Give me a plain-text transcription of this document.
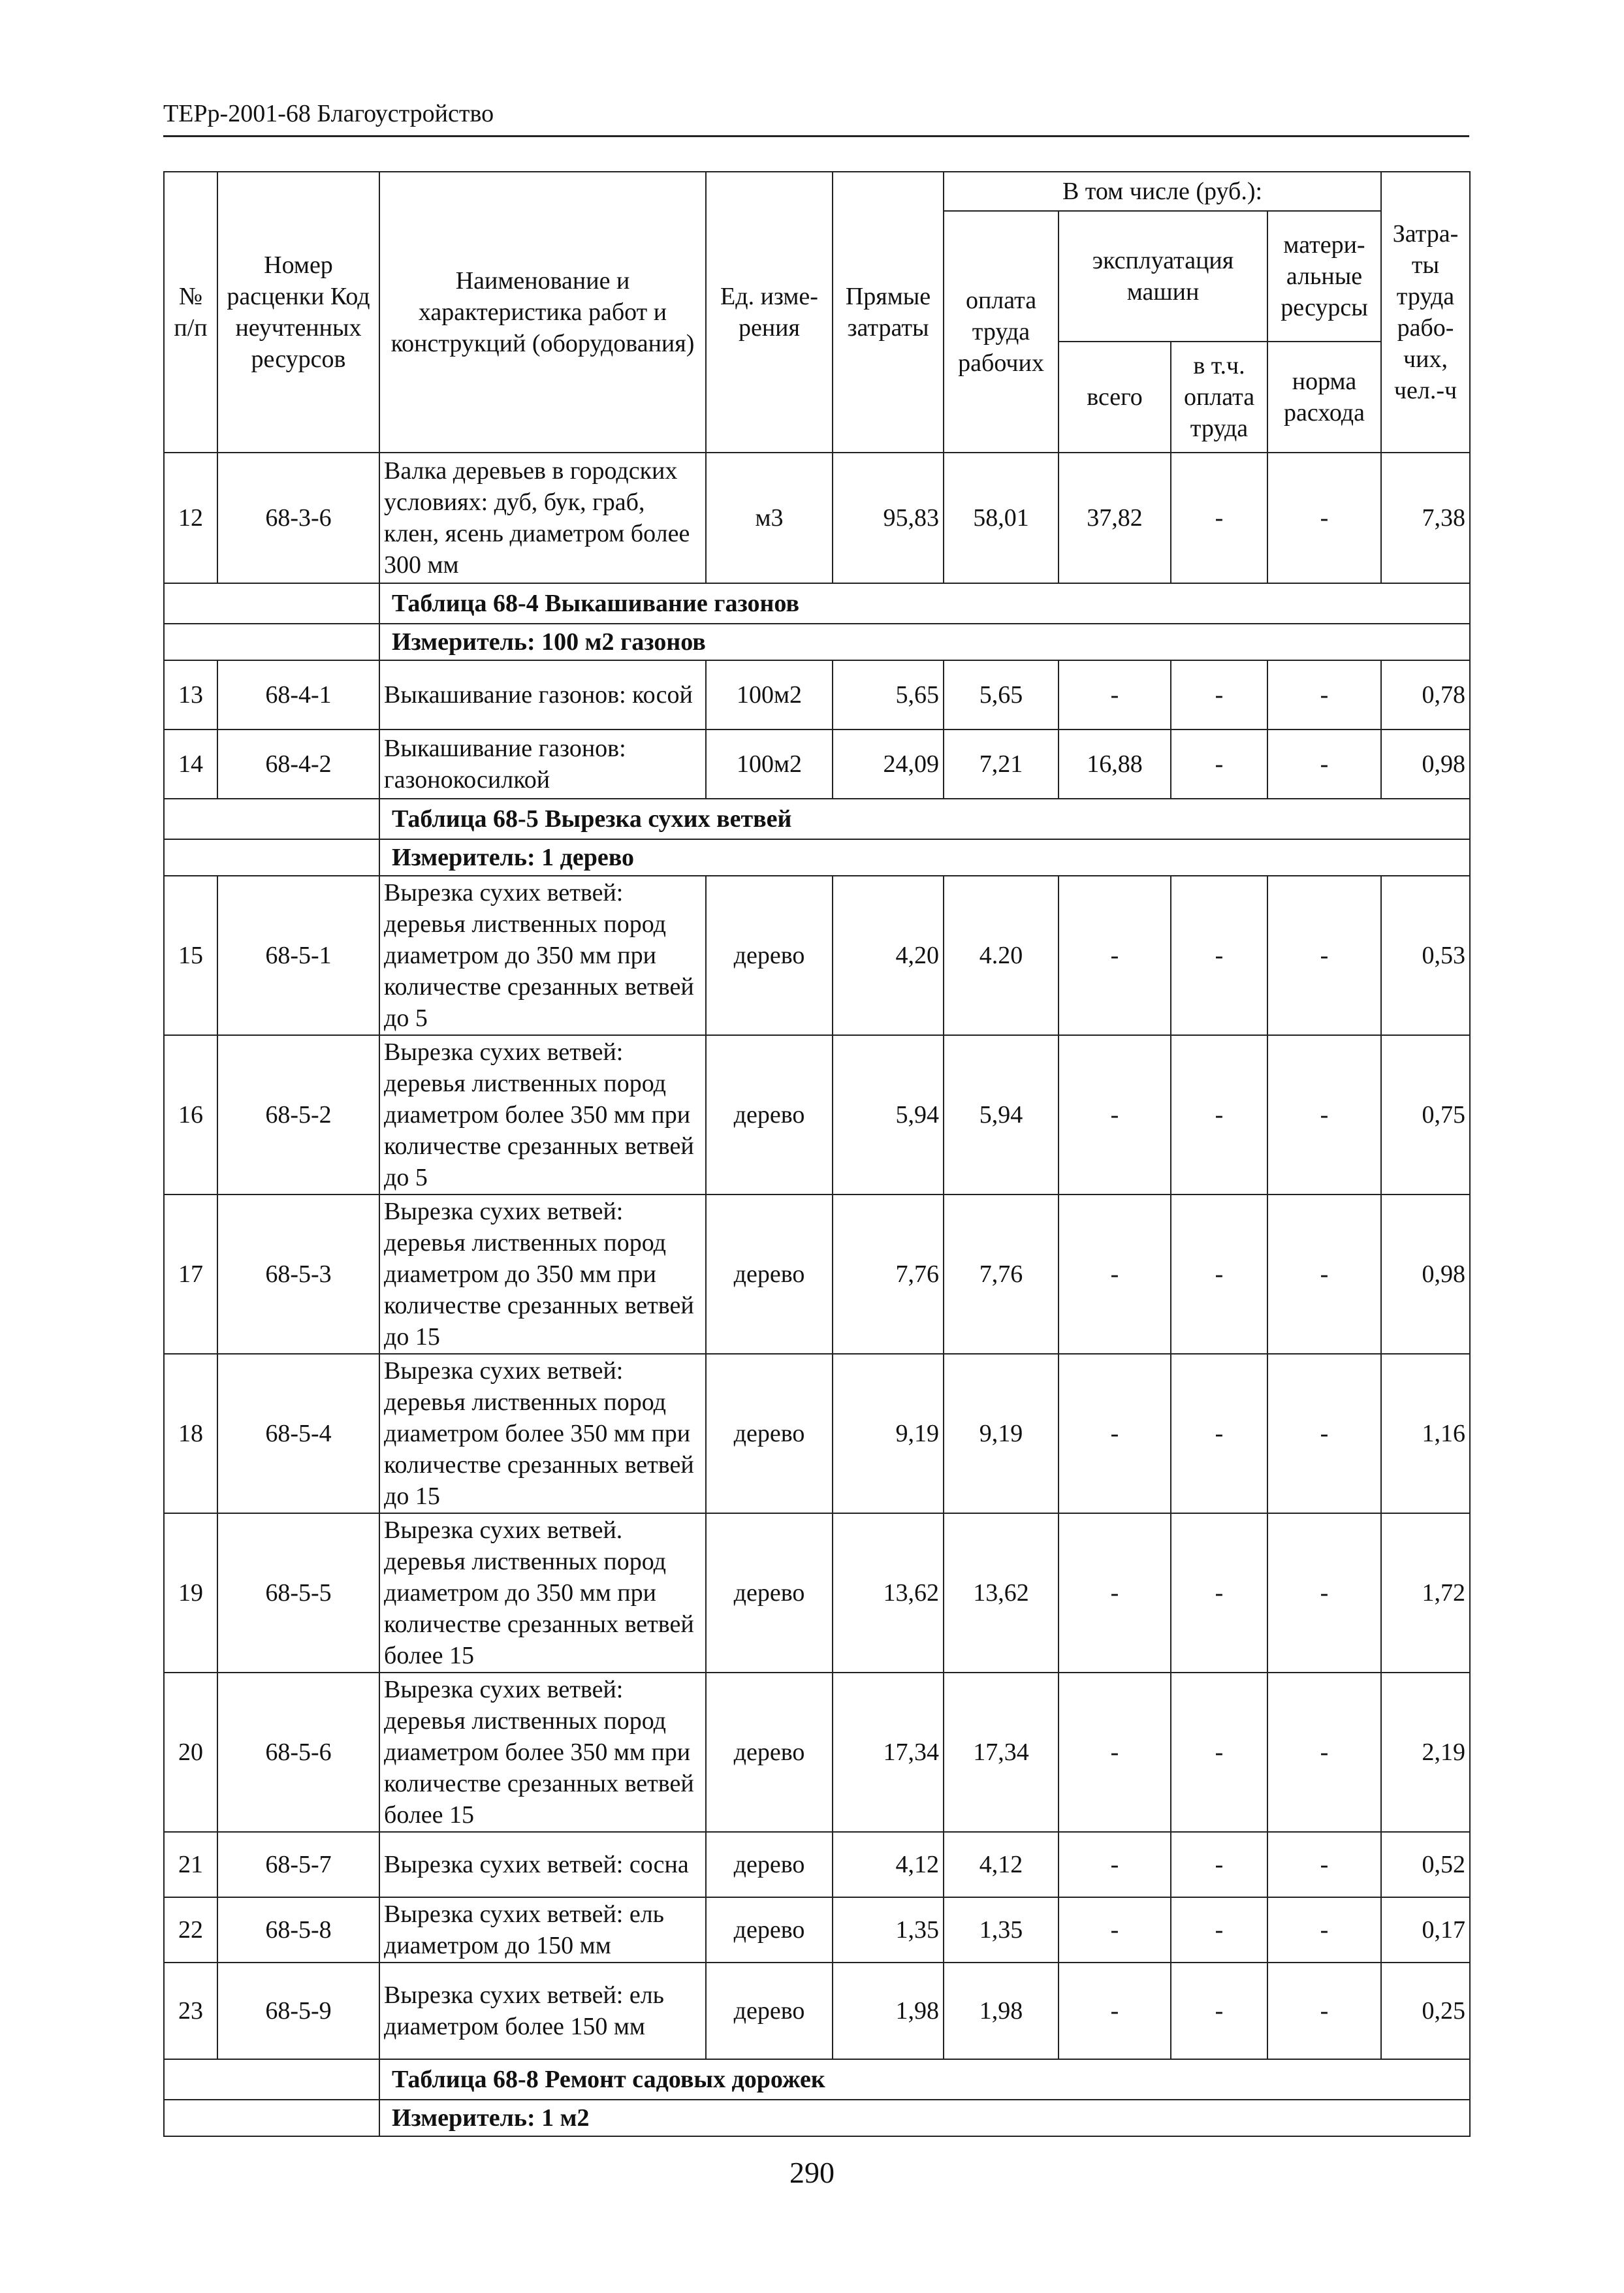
ТЕРр-2001-68 Благоустройство
№ п/п	Номер расценки Код неучтенных ресурсов	Наименование и характеристика работ и конструкций (оборудования)	Ед. изме-рения	Прямые затраты	В том числе (руб.):				Затра-ты труда рабо-чих, чел.-ч
					оплата труда рабочих	эксплуатация машин		матери-альные ресурсы	
						всего	в т.ч. оплата труда	норма расхода	
12	68-3-6	Валка деревьев в городских условиях: дуб, бук, граб, клен, ясень диаметром более 300 мм	м3	95,83	58,01	37,82	-	-	7,38
		Таблица 68-4 Выкашивание газонов							
		Измеритель: 100 м2 газонов							
13	68-4-1	Выкашивание газонов: косой	100м2	5,65	5,65	-	-	-	0,78
14	68-4-2	Выкашивание газонов: газонокосилкой	100м2	24,09	7,21	16,88	-	-	0,98
		Таблица 68-5 Вырезка сухих ветвей							
		Измеритель: 1 дерево							
15	68-5-1	Вырезка сухих ветвей: деревья лиственных пород диаметром до 350 мм при количестве срезанных ветвей до 5	дерево	4,20	4.20	-	-	-	0,53
16	68-5-2	Вырезка сухих ветвей: деревья лиственных пород диаметром более 350 мм при количестве срезанных ветвей до 5	дерево	5,94	5,94	-	-	-	0,75
17	68-5-3	Вырезка сухих ветвей: деревья лиственных пород диаметром до 350 мм при количестве срезанных ветвей до 15	дерево	7,76	7,76	-	-	-	0,98
18	68-5-4	Вырезка сухих ветвей: деревья лиственных пород диаметром более 350 мм при количестве срезанных ветвей до 15	дерево	9,19	9,19	-	-	-	1,16
19	68-5-5	Вырезка сухих ветвей. деревья лиственных пород диаметром до 350 мм при количестве срезанных ветвей более 15	дерево	13,62	13,62	-	-	-	1,72
20	68-5-6	Вырезка сухих ветвей: деревья лиственных пород диаметром более 350 мм при количестве срезанных ветвей более 15	дерево	17,34	17,34	-	-	-	2,19
21	68-5-7	Вырезка сухих ветвей: сосна	дерево	4,12	4,12	-	-	-	0,52
22	68-5-8	Вырезка сухих ветвей: ель диаметром до 150 мм	дерево	1,35	1,35	-	-	-	0,17
23	68-5-9	Вырезка сухих ветвей: ель диаметром более 150 мм	дерево	1,98	1,98	-	-	-	0,25
		Таблица 68-8 Ремонт садовых дорожек							
		Измеритель: 1 м2							
290
